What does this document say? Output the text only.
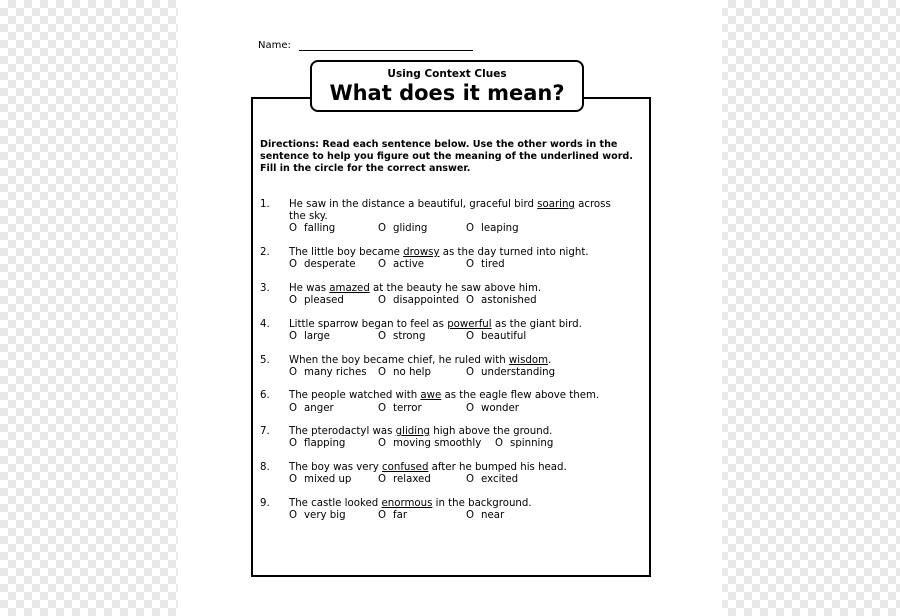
Name:
Using Context Clues
What does it mean?
Directions: Read each sentence below. Use the other words in the sentence to help you figure out the meaning of the underlined word. Fill in the circle for the correct answer.
1. He saw in the distance a beautiful, graceful bird soaring across the sky.
O falling	O gliding	O leaping
2. The little boy became drowsy as the day turned into night.
O desperate O active	O tired
3. He was amazed at the beauty he saw above him.
O pleased	O disappointed O astonished
4. Little sparrow began to feel as powerful as the giant bird.
O large	O strong	O beautiful
5. When the boy became chief, he ruled with wisdom.
O many riches O no help	O understanding
6. The people watched with awe as the eagle flew above them.
O anger	O terror	O wonder
7. The pterodactyl was gliding high above the ground.
O flapping	O moving smoothly O spinning
8. The boy was very confused after he bumped his head.
O mixed up	O relaxed	O excited
9. The castle looked enormous in the background.
O very big	O far	O near
